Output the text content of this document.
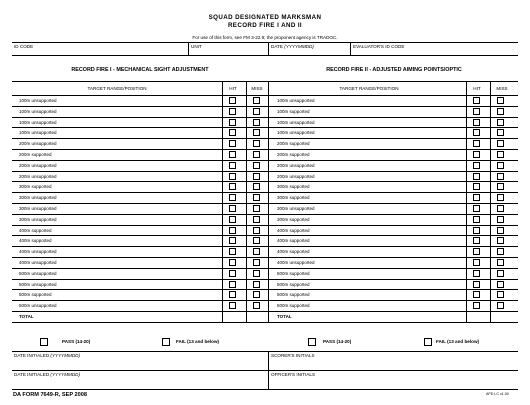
SQUAD DESIGNATED MARKSMAN
RECORD FIRE I AND II
For use of this form, see FM 3-22.9; the proponent agency is TRADOC.
ID CODE	UNIT	DATE (YYYYMMDD)	EVALUATOR'S ID CODE
RECORD FIRE I - MECHANICAL SIGHT ADJUSTMENT	RECORD FIRE II - ADJUSTED AIMING POINTS/OPTIC
TARGET RANGE/POSITION	HIT	MISS	TARGET RANGE/POSITION	HIT	MISS
100m unsupported	100m unsupported
100m unsupported	100m supported
100m unsupported	100m unsupported
100m unsupported	100m unsupported
200m unsupported	200m supported
200m supported	200m supported
200m unsupported	200m unsupported
200m unsupported	200m unsupported
300m supported	300m supported
300m unsupported	300m supported
300m unsupported	300m unsupported
300m unsupported	300m supported
400m supported	400m supported
400m supported	400m supported
400m unsupported	400m supported
400m unsupported	400m unsupported
500m unsupported	500m supported
500m unsupported	500m supported
500m supported	500m supported
500m unsupported	500m supported
TOTAL	TOTAL
PASS (14-20)	FAIL (13 and below)	PASS (14-20)	FAIL (13 and below)
DATE INITIALED (YYYYMMDD)	SCORER'S INITIALS
DATE INITIALED (YYYYMMDD)	OFFICER'S INITIALS
DA FORM 7649-R, SEP 2008	APD LC v1.00
